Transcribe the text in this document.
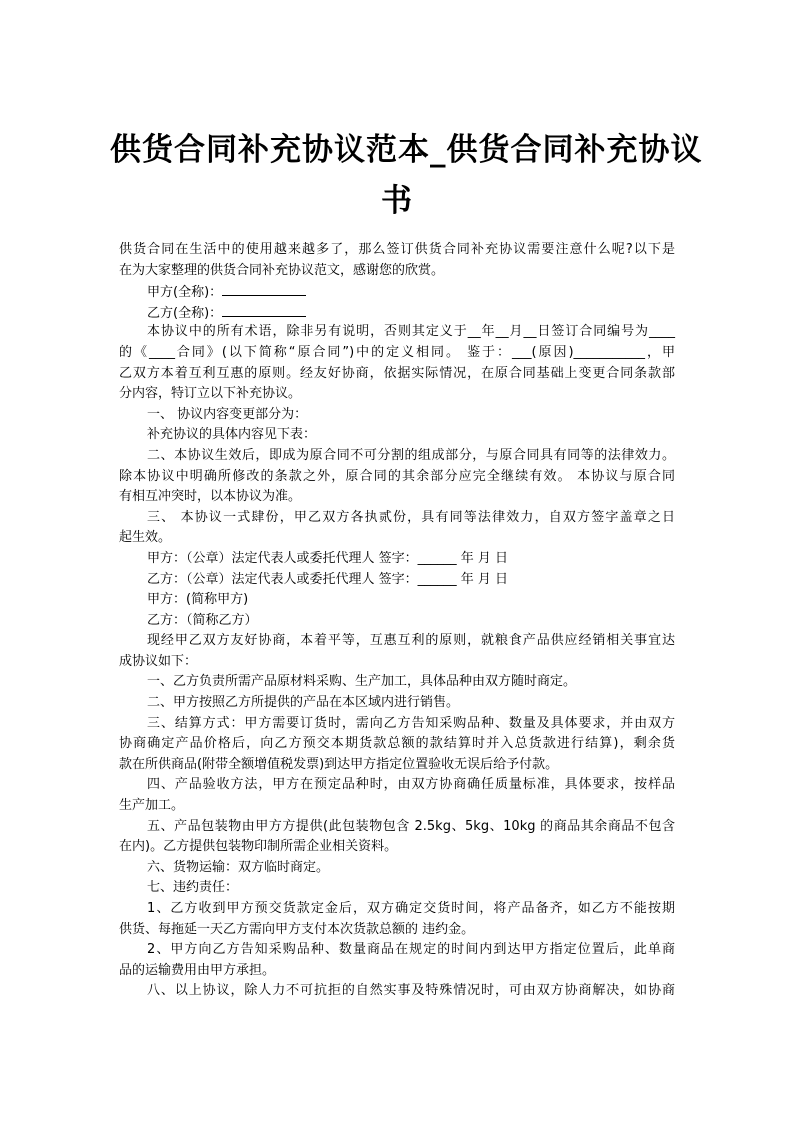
供货合同补充协议范本_供货合同补充协议
书
供货合同在生活中的使用越来越多了，那么签订供货合同补充协议需要注意什么呢?以下是
在为大家整理的供货合同补充协议范文，感谢您的欣赏。
甲方(全称)：
乙方(全称)：
本协议中的所有术语，除非另有说明，否则其定义于__年__月__日签订合同编号为____
的《____合同》(以下简称“原合同”)中的定义相同。 鉴于：___(原因)___________，甲
乙双方本着互利互惠的原则。经友好协商，依据实际情况，在原合同基础上变更合同条款部
分内容，特订立以下补充协议。
一、 协议内容变更部分为：
补充协议的具体内容见下表：
二、本协议生效后，即成为原合同不可分割的组成部分，与原合同具有同等的法律效力。
除本协议中明确所修改的条款之外，原合同的其余部分应完全继续有效。 本协议与原合同
有相互冲突时，以本协议为准。
三、 本协议一式肆份，甲乙双方各执贰份，具有同等法律效力，自双方签字盖章之日
起生效。
甲方：（公章）法定代表人或委托代理人 签字：______ 年 月 日
乙方：（公章）法定代表人或委托代理人 签字：______ 年 月 日
甲方：(简称甲方)
乙方：（简称乙方）
现经甲乙双方友好协商，本着平等，互惠互利的原则，就粮食产品供应经销相关事宜达
成协议如下：
一、乙方负责所需产品原材料采购、生产加工，具体品种由双方随时商定。
二、甲方按照乙方所提供的产品在本区域内进行销售。
三、结算方式：甲方需要订货时，需向乙方告知采购品种、数量及具体要求，并由双方
协商确定产品价格后，向乙方预交本期货款总额的款结算时并入总货款进行结算)，剩余货
款在所供商品(附带全额增值税发票)到达甲方指定位置验收无误后给予付款。
四、产品验收方法，甲方在预定品种时，由双方协商确任质量标准，具体要求，按样品
生产加工。
五、产品包装物由甲方方提供(此包装物包含 2.5kg、5kg、10kg 的商品其余商品不包含
在内)。乙方提供包装物印制所需企业相关资料。
六、货物运输：双方临时商定。
七、违约责任：
1、乙方收到甲方预交货款定金后，双方确定交货时间，将产品备齐，如乙方不能按期
供货、每拖延一天乙方需向甲方支付本次货款总额的 违约金。
2、甲方向乙方告知采购品种、数量商品在规定的时间内到达甲方指定位置后，此单商
品的运输费用由甲方承担。
八、以上协议，除人力不可抗拒的自然实事及特殊情况时，可由双方协商解决，如协商
